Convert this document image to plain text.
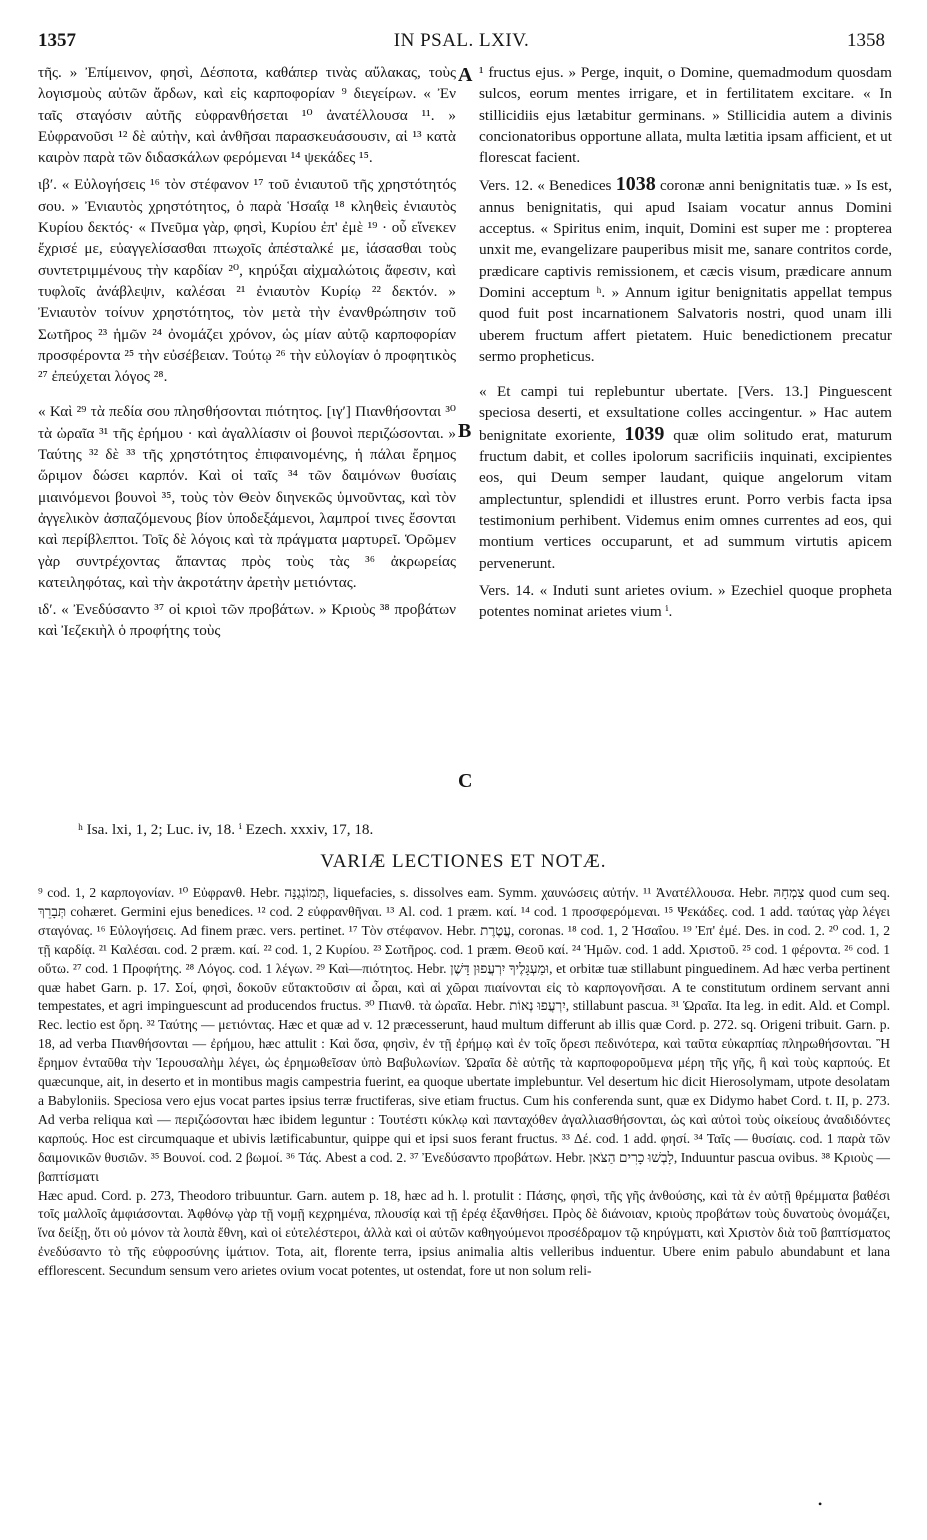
1357	IN PSAL. LXIV.	1358

τῆς. » Ἐπίμεινον, φησὶ, Δέσποτα, καθάπερ τινὰς αὔλακας, τοὺς λογισμοὺς αὐτῶν ἄρδων, καὶ εἰς καρποφορίαν ⁹ διεγείρων. « Ἐν ταῖς σταγόσιν αὐτῆς εὐφρανθήσεται ¹⁰ ἀνατέλλουσα ¹¹. » Εὐφρανοῦσι ¹² δὲ αὐτὴν, καὶ ἀνθῆσαι παρασκευάσουσιν, αἱ ¹³ κατὰ καιρὸν παρὰ τῶν διδασκάλων φερόμεναι ¹⁴ ψεκάδες ¹⁵.

ιβʹ. « Εὐλογήσεις ¹⁶ τὸν στέφανον ¹⁷ τοῦ ἐνιαυτοῦ τῆς χρηστότητός σου. » Ἐνιαυτὸς χρηστότητος, ὁ παρὰ Ἡσαΐᾳ ¹⁸ κληθεὶς ἐνιαυτὸς Κυρίου δεκτός· « Πνεῦμα γὰρ, φησὶ, Κυρίου ἐπ' ἐμὲ ¹⁹ · οὗ εἵνεκεν ἔχρισέ με, εὐαγγελίσασθαι πτωχοῖς ἀπέσταλκέ με, ἰάσασθαι τοὺς συντετριμμένους τὴν καρδίαν ²⁰, κηρύξαι αἰχμαλώτοις ἄφεσιν, καὶ τυφλοῖς ἀνάβλεψιν, καλέσαι ²¹ ἐνιαυτὸν Κυρίῳ ²² δεκτόν. » Ἐνιαυτὸν τοίνυν χρηστότητος, τὸν μετὰ τὴν ἐνανθρώπησιν τοῦ Σωτῆρος ²³ ἡμῶν ²⁴ ὀνομάζει χρόνον, ὡς μίαν αὐτῷ καρποφορίαν προσφέροντα ²⁵ τὴν εὐσέβειαν. Τούτῳ ²⁶ τὴν εὐλογίαν ὁ προφητικὸς ²⁷ ἐπεύχεται λόγος ²⁸.

« Καὶ ²⁹ τὰ πεδία σου πλησθήσονται πιότητος. [ιγʹ] Πιανθήσονται ³⁰ τὰ ὡραῖα ³¹ τῆς ἐρήμου · καὶ ἀγαλλίασιν οἱ βουνοὶ περιζώσονται. » Ταύτης ³² δὲ ³³ τῆς χρηστότητος ἐπιφαινομένης, ἡ πάλαι ἔρημος ὥριμον δώσει καρπόν. Καὶ οἱ ταῖς ³⁴ τῶν δαιμόνων θυσίαις μιαινόμενοι βουνοὶ ³⁵, τοὺς τὸν Θεὸν διηνεκῶς ὑμνοῦντας, καὶ τὸν ἀγγελικὸν ἀσπαζόμενους βίον ὑποδεξάμενοι, λαμπροί τινες ἔσονται καὶ περίβλεπτοι. Τοῖς δὲ λόγοις καὶ τὰ πράγματα μαρτυρεῖ. Ὁρῶμεν γὰρ συντρέχοντας ἅπαντας πρὸς τοὺς τὰς ³⁶ ἀκρωρείας κατειληφότας, καὶ τὴν ἀκροτάτην ἀρετὴν μετιόντας.

ιδʹ. « Ἐνεδύσαντο ³⁷ οἱ κριοὶ τῶν προβάτων. » Κριοὺς ³⁸ προβάτων καὶ Ἰεζεκιὴλ ὁ προφήτης τοὺς

A
B
C

¹ fructus ejus. » Perge, inquit, o Domine, quemadmodum quosdam sulcos, eorum mentes irrigare, et in fertilitatem excitare. « In stillicidiis ejus lætabitur germinans. » Stillicidia autem a divinis concionatoribus opportune allata, multa lætitia ipsam afficient, et ut florescat facient.

Vers. 12. « Benedices 1038 coronæ anni benignitatis tuæ. » Is est, annus benignitatis, qui apud Isaiam vocatur annus Domini acceptus. « Spiritus enim, inquit, Domini est super me : propterea unxit me, evangelizare pauperibus misit me, sanare contritos corde, prædicare captivis remissionem, et cæcis visum, prædicare annum Domini acceptum ʰ. » Annum igitur benignitatis appellat tempus quod fuit post incarnationem Salvatoris nostri, quod unam illi uberem fructum affert pietatem. Huic benedictionem precatur sermo propheticus.

« Et campi tui replebuntur ubertate. [Vers. 13.] Pinguescent speciosa deserti, et exsultatione colles accingentur. » Hac autem benignitate exoriente, 1039 quæ olim solitudo erat, maturum fructum dabit, et colles ipolorum sacrificiis inquinati, excipientes eos, qui Deum semper laudant, quique angelorum vitam amplectuntur, splendidi et illustres erunt. Porro verbis facta ipsa testimonium perhibent. Videmus enim omnes currentes ad eos, qui montium vertices occuparunt, et ad summum virtutis apicem pervenerunt.

Vers. 14. « Induti sunt arietes ovium. » Ezechiel quoque propheta potentes nominat arietes vium ⁱ.

ʰ Isa. lxi, 1, 2; Luc. iv, 18. ⁱ Ezech. xxxiv, 17, 18.
VARIÆ LECTIONES ET NOTÆ.

⁹ cod. 1, 2 καρπογονίαν. ¹⁰ Εὐφρανθ. Hebr. תְּמוֹגְגֶנָּה, liquefacies, s. dissolves eam. Symm. χαυνώσεις αὐτήν. ¹¹ Ἀνατέλλουσα. Hebr. צִמְחָהּ quod cum seq. תְּבָרֵךְ cohæret. Germini ejus benedices. ¹² cod. 2 εὐφρανθῆναι. ¹³ Al. cod. 1 præm. καί. ¹⁴ cod. 1 προσφερόμεναι. ¹⁵ Ψεκάδες. cod. 1 add. ταύτας γὰρ λέγει σταγόνας. ¹⁶ Εὐλογήσεις. Ad finem præc. vers. pertinet. ¹⁷ Τὸν στέφανον. Hebr. עֲטֶרֶת, coronas. ¹⁸ cod. 1, 2 Ἡσαΐου. ¹⁹ Ἐπ' ἐμέ. Des. in cod. 2. ²⁰ cod. 1, 2 τῇ καρδίᾳ. ²¹ Καλέσαι. cod. 2 præm. καί. ²² cod. 1, 2 Κυρίου. ²³ Σωτῆρος. cod. 1 præm. Θεοῦ καί. ²⁴ Ἡμῶν. cod. 1 add. Χριστοῦ. ²⁵ cod. 1 φέροντα. ²⁶ cod. 1 οὕτω. ²⁷ cod. 1 Προφήτης. ²⁸ Λόγος. cod. 1 λέγων. ²⁹ Καὶ—πιότητος. Hebr. וּמַעְגָּלֶיךָ יִרְעֲפוּן דָּשֶׁן, et orbitæ tuæ stillabunt pinguedinem. Ad hæc verba pertinent quæ habet Garn. p. 17. Σοί, φησὶ, δοκοῦν εὔτακτοῦσιν αἱ ὧραι, καὶ αἱ χῶραι πιαίνονται εἰς τὸ καρπογονῆσαι. A te constitutum ordinem servant anni tempestates, et agri impinguescunt ad producendos fructus. ³⁰ Πιανθ. τὰ ὡραῖα. Hebr. יִרְעֲפוּ נְאוֹת, stillabunt pascua. ³¹ Ὡραῖα. Ita leg. in edit. Ald. et Compl. Rec. lectio est ὄρη. ³² Ταύτης — μετιόντας. Hæc et quæ ad v. 12 præcesserunt, haud multum differunt ab illis quæ Cord. p. 272. sq. Origeni tribuit. Garn. p. 18, ad verba Πιανθήσονται — ἐρήμου, hæc attulit : Καὶ ὅσα, φησὶν, ἐν τῇ ἐρήμῳ καὶ ἐν τοῖς ὄρεσι πεδινότερα, καὶ ταῦτα εὐκαρπίας πληρωθήσονται. Ἢ ἔρημον ἐνταῦθα τὴν Ἱερουσαλὴμ λέγει, ὡς ἐρημωθεῖσαν ὑπὸ Βαβυλωνίων. Ὡραῖα δὲ αὐτῆς τὰ καρποφοροῦμενα μέρη τῆς γῆς, ἢ καὶ τοὺς καρπούς. Et quæcunque, ait, in deserto et in montibus magis campestria fuerint, ea quoque ubertate implebuntur. Vel desertum hic dicit Hierosolymam, utpote desolatam a Babyloniis. Speciosa vero ejus vocat partes ipsius terræ fructiferas, sive etiam fructus. Cum his conferenda sunt, quæ ex Didymo habet Cord. t. II, p. 273. Ad verba reliqua καὶ — περιζώσονται hæc ibidem leguntur : Τουτέστι κύκλῳ καὶ πανταχόθεν ἀγαλλιασθήσονται, ὡς καὶ αὐτοὶ τοὺς οἰκείους ἀναδιδόντες καρπούς. Hoc est circumquaque et ubivis lætificabuntur, quippe qui et ipsi suos ferant fructus. ³³ Δέ. cod. 1 add. φησί. ³⁴ Ταῖς — θυσίαις. cod. 1 παρὰ τῶν δαιμονικῶν θυσιῶν. ³⁵ Βουνοί. cod. 2 βωμοί. ³⁶ Τάς. Abest a cod. 2. ³⁷ Ἐνεδύσαντο προβάτων. Hebr. לָבְשׁוּ כָרִים הַצֹּאן, Induuntur pascua ovibus. ³⁸ Κριοὺς — βαπτίσματι

Hæc apud. Cord. p. 273, Theodoro tribuuntur. Garn. autem p. 18, hæc ad h. l. protulit : Πάσης, φησὶ, τῆς γῆς ἀνθούσης, καὶ τὰ ἐν αὐτῇ θρέμματα βαθέσι τοῖς μαλλοῖς ἀμφιάσονται. Ἀφθόνῳ γὰρ τῇ νομῇ κεχρημένα, πλουσίᾳ καὶ τῇ ἐρέᾳ ἐξανθήσει. Πρὸς δὲ διάνοιαν, κριοὺς προβάτων τοὺς δυνατοὺς ὀνομάζει, ἵνα δείξῃ, ὅτι οὐ μόνον τὰ λοιπὰ ἔθνη, καὶ οἱ εὐτελέστεροι, ἀλλὰ καὶ οἱ αὐτῶν καθηγούμενοι προσέδραμον τῷ κηρύγματι, καὶ Χριστὸν διὰ τοῦ βαπτίσματος ἐνεδύσαντο τὸ τῆς εὐφροσύνης ἱμάτιον. Tota, ait, florente terra, ipsius animalia altis velleribus induentur. Ubere enim pabulo abundabunt et lana efflorescent. Secundum sensum vero arietes ovium vocat potentes, ut ostendat, fore ut non solum reli-

•
